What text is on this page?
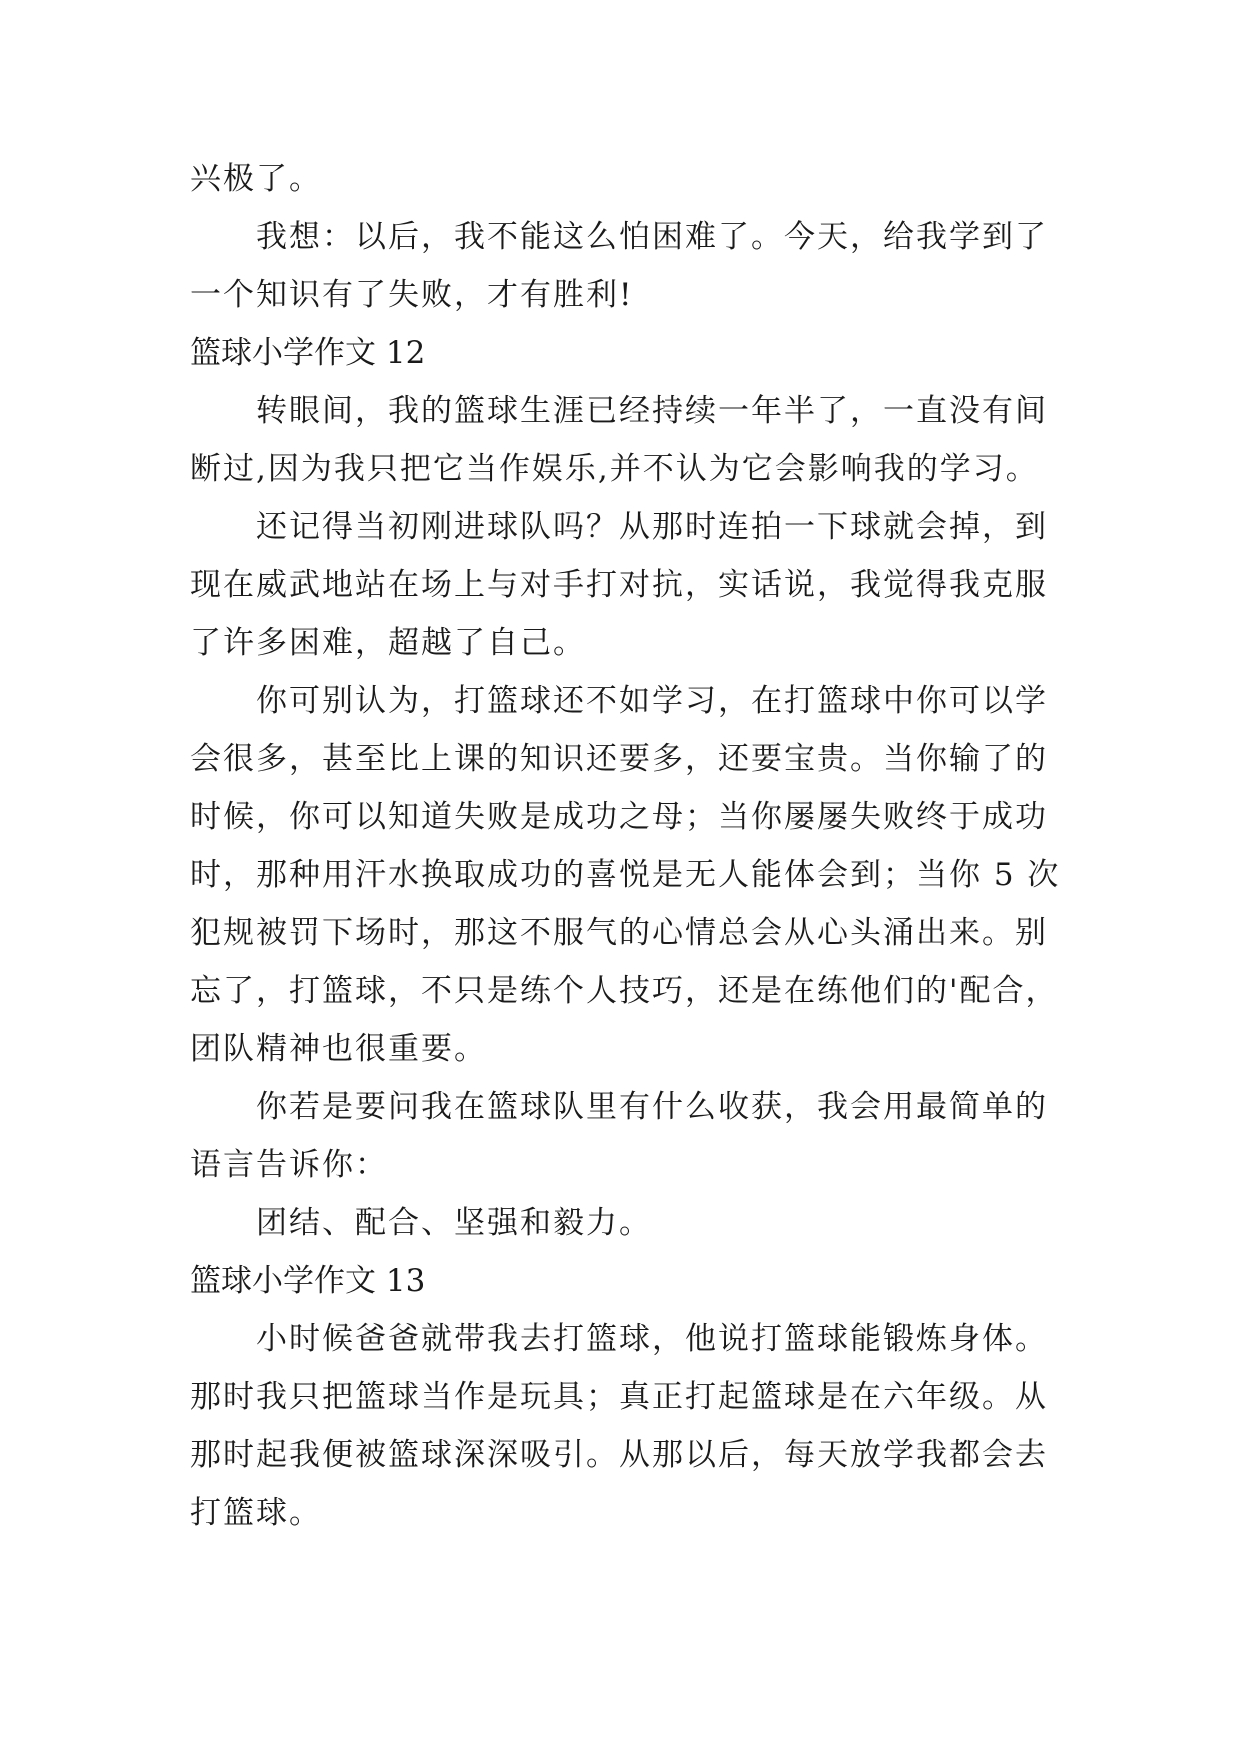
兴极了。
我想：以后，我不能这么怕困难了。今天，给我学到了
一个知识有了失败，才有胜利!
篮球小学作文 12
转眼间，我的篮球生涯已经持续一年半了，一直没有间
断过,因为我只把它当作娱乐,并不认为它会影响我的学习。
还记得当初刚进球队吗？从那时连拍一下球就会掉，到
现在威武地站在场上与对手打对抗，实话说，我觉得我克服
了许多困难，超越了自己。
你可别认为，打篮球还不如学习，在打篮球中你可以学
会很多，甚至比上课的知识还要多，还要宝贵。当你输了的
时候，你可以知道失败是成功之母；当你屡屡失败终于成功
时，那种用汗水换取成功的喜悦是无人能体会到；当你 5 次
犯规被罚下场时，那这不服气的心情总会从心头涌出来。别
忘了，打篮球，不只是练个人技巧，还是在练他们的'配合，
团队精神也很重要。
你若是要问我在篮球队里有什么收获，我会用最简单的
语言告诉你：
团结、配合、坚强和毅力。
篮球小学作文 13
小时候爸爸就带我去打篮球，他说打篮球能锻炼身体。
那时我只把篮球当作是玩具；真正打起篮球是在六年级。从
那时起我便被篮球深深吸引。从那以后，每天放学我都会去
打篮球。
